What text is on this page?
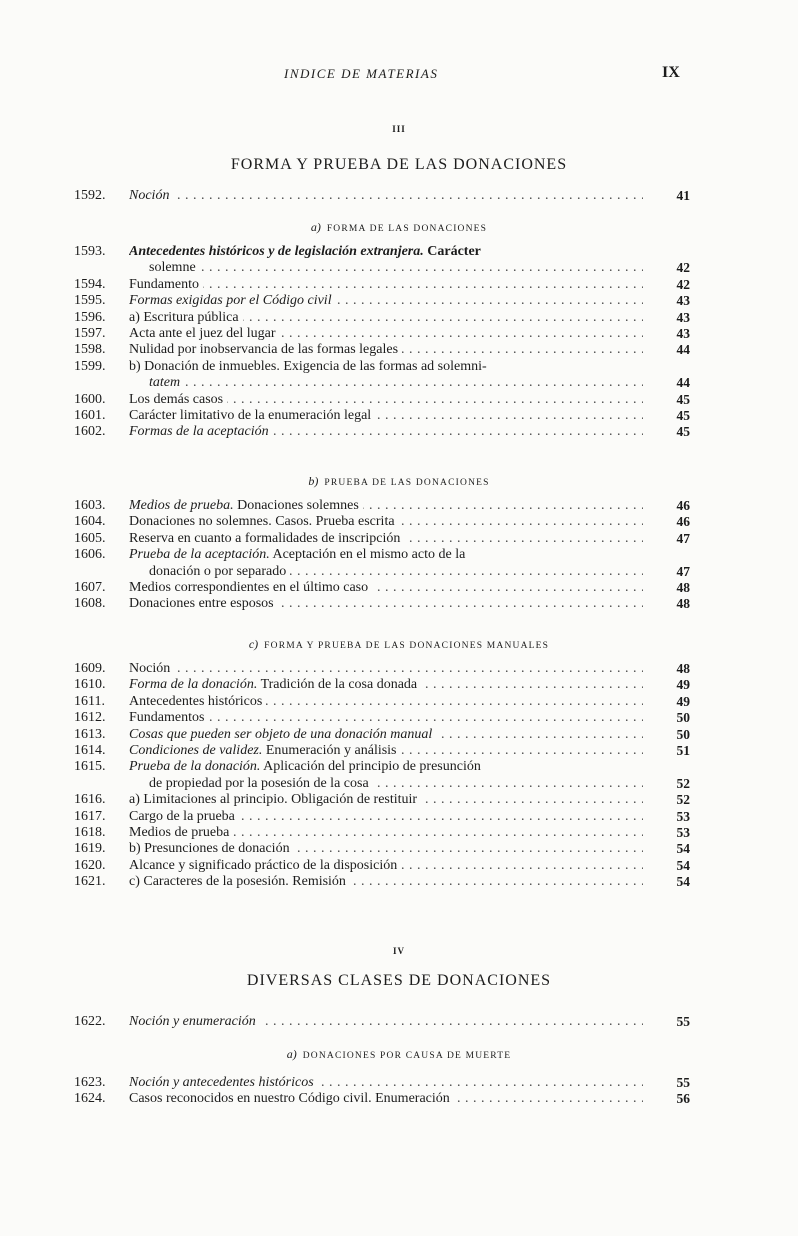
INDICE DE MATERIAS	IX

III

FORMA Y PRUEBA DE LAS DONACIONES

1592.	Noción . . .	41

a) FORMA DE LAS DONACIONES

1593.	Antecedentes históricos y de legislación extranjera. Carácter
solemne . . .	42
1594.	Fundamento . . .	42
1595.	Formas exigidas por el Código civil . . .	43
1596.	a) Escritura pública . . .	43
1597.	Acta ante el juez del lugar . . .	43
1598.	Nulidad por inobservancia de las formas legales . . .	44
1599.	b) Donación de inmuebles. Exigencia de las formas ad solemni-
tatem . . .	44
1600.	Los demás casos . . .	45
1601.	Carácter limitativo de la enumeración legal . . .	45
1602.	Formas de la aceptación . . .	45

b) PRUEBA DE LAS DONACIONES

1603.	Medios de prueba. Donaciones solemnes . . .	46
1604.	Donaciones no solemnes. Casos. Prueba escrita . . .	46
1605.	Reserva en cuanto a formalidades de inscripción . . .	47
1606.	Prueba de la aceptación. Aceptación en el mismo acto de la
donación o por separado . . .	47
1607.	Medios correspondientes en el último caso . . .	48
1608.	Donaciones entre esposos . . .	48

c) FORMA Y PRUEBA DE LAS DONACIONES MANUALES

1609.	Noción . . .	48
1610.	Forma de la donación. Tradición de la cosa donada . . .	49
1611.	Antecedentes históricos . . .	49
1612.	Fundamentos . . .	50
1613.	Cosas que pueden ser objeto de una donación manual . . .	50
1614.	Condiciones de validez. Enumeración y análisis . . .	51
1615.	Prueba de la donación. Aplicación del principio de presunción
de propiedad por la posesión de la cosa . . .	52
1616.	a) Limitaciones al principio. Obligación de restituir . . .	52
1617.	Cargo de la prueba . . .	53
1618.	Medios de prueba . . .	53
1619.	b) Presunciones de donación . . .	54
1620.	Alcance y significado práctico de la disposición . . .	54
1621.	c) Caracteres de la posesión. Remisión . . .	54

IV

DIVERSAS CLASES DE DONACIONES

1622.	Noción y enumeración . . .	55

a) DONACIONES POR CAUSA DE MUERTE

1623.	Noción y antecedentes históricos . . .	55
1624.	Casos reconocidos en nuestro Código civil. Enumeración . . .	56
